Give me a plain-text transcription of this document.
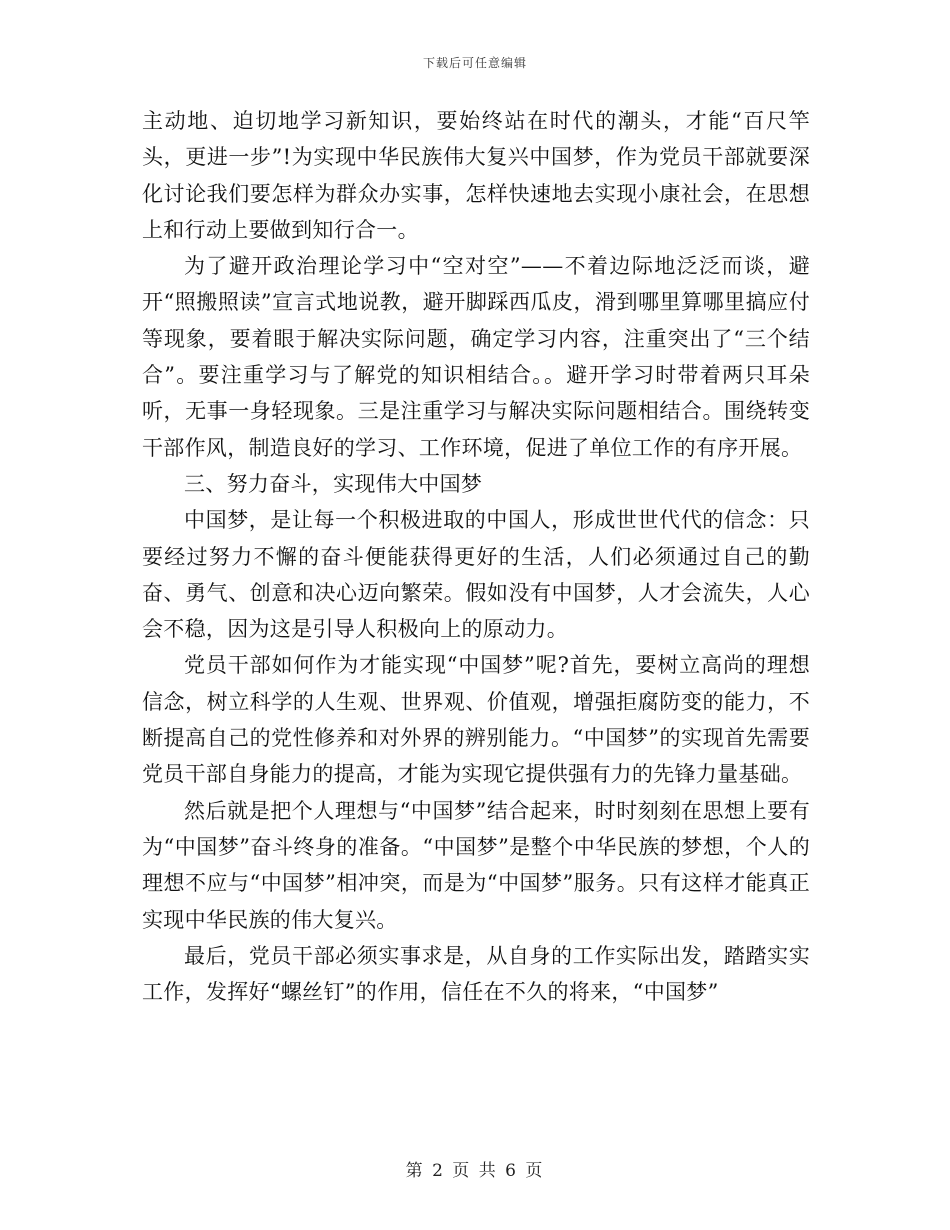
下载后可任意编辑

主动地、迫切地学习新知识，要始终站在时代的潮头，才能“百尺竿头，更进一步”!为实现中华民族伟大复兴中国梦，作为党员干部就要深化讨论我们要怎样为群众办实事，怎样快速地去实现小康社会，在思想上和行动上要做到知行合一。

为了避开政治理论学习中“空对空”——不着边际地泛泛而谈，避开“照搬照读”宣言式地说教，避开脚踩西瓜皮，滑到哪里算哪里搞应付等现象，要着眼于解决实际问题，确定学习内容，注重突出了“三个结合”。要注重学习与了解党的知识相结合。。避开学习时带着两只耳朵听，无事一身轻现象。三是注重学习与解决实际问题相结合。围绕转变干部作风，制造良好的学习、工作环境，促进了单位工作的有序开展。

三、努力奋斗，实现伟大中国梦

中国梦，是让每一个积极进取的中国人，形成世世代代的信念：只要经过努力不懈的奋斗便能获得更好的生活，人们必须通过自己的勤奋、勇气、创意和决心迈向繁荣。假如没有中国梦，人才会流失，人心会不稳，因为这是引导人积极向上的原动力。

党员干部如何作为才能实现“中国梦”呢?首先，要树立高尚的理想信念，树立科学的人生观、世界观、价值观，增强拒腐防变的能力，不断提高自己的党性修养和对外界的辨别能力。“中国梦”的实现首先需要党员干部自身能力的提高，才能为实现它提供强有力的先锋力量基础。

然后就是把个人理想与“中国梦”结合起来，时时刻刻在思想上要有为“中国梦”奋斗终身的准备。“中国梦”是整个中华民族的梦想，个人的理想不应与“中国梦”相冲突，而是为“中国梦”服务。只有这样才能真正实现中华民族的伟大复兴。

最后，党员干部必须实事求是，从自身的工作实际出发，踏踏实实工作，发挥好“螺丝钉”的作用，信任在不久的将来，“中国梦”

第 2 页 共 6 页
